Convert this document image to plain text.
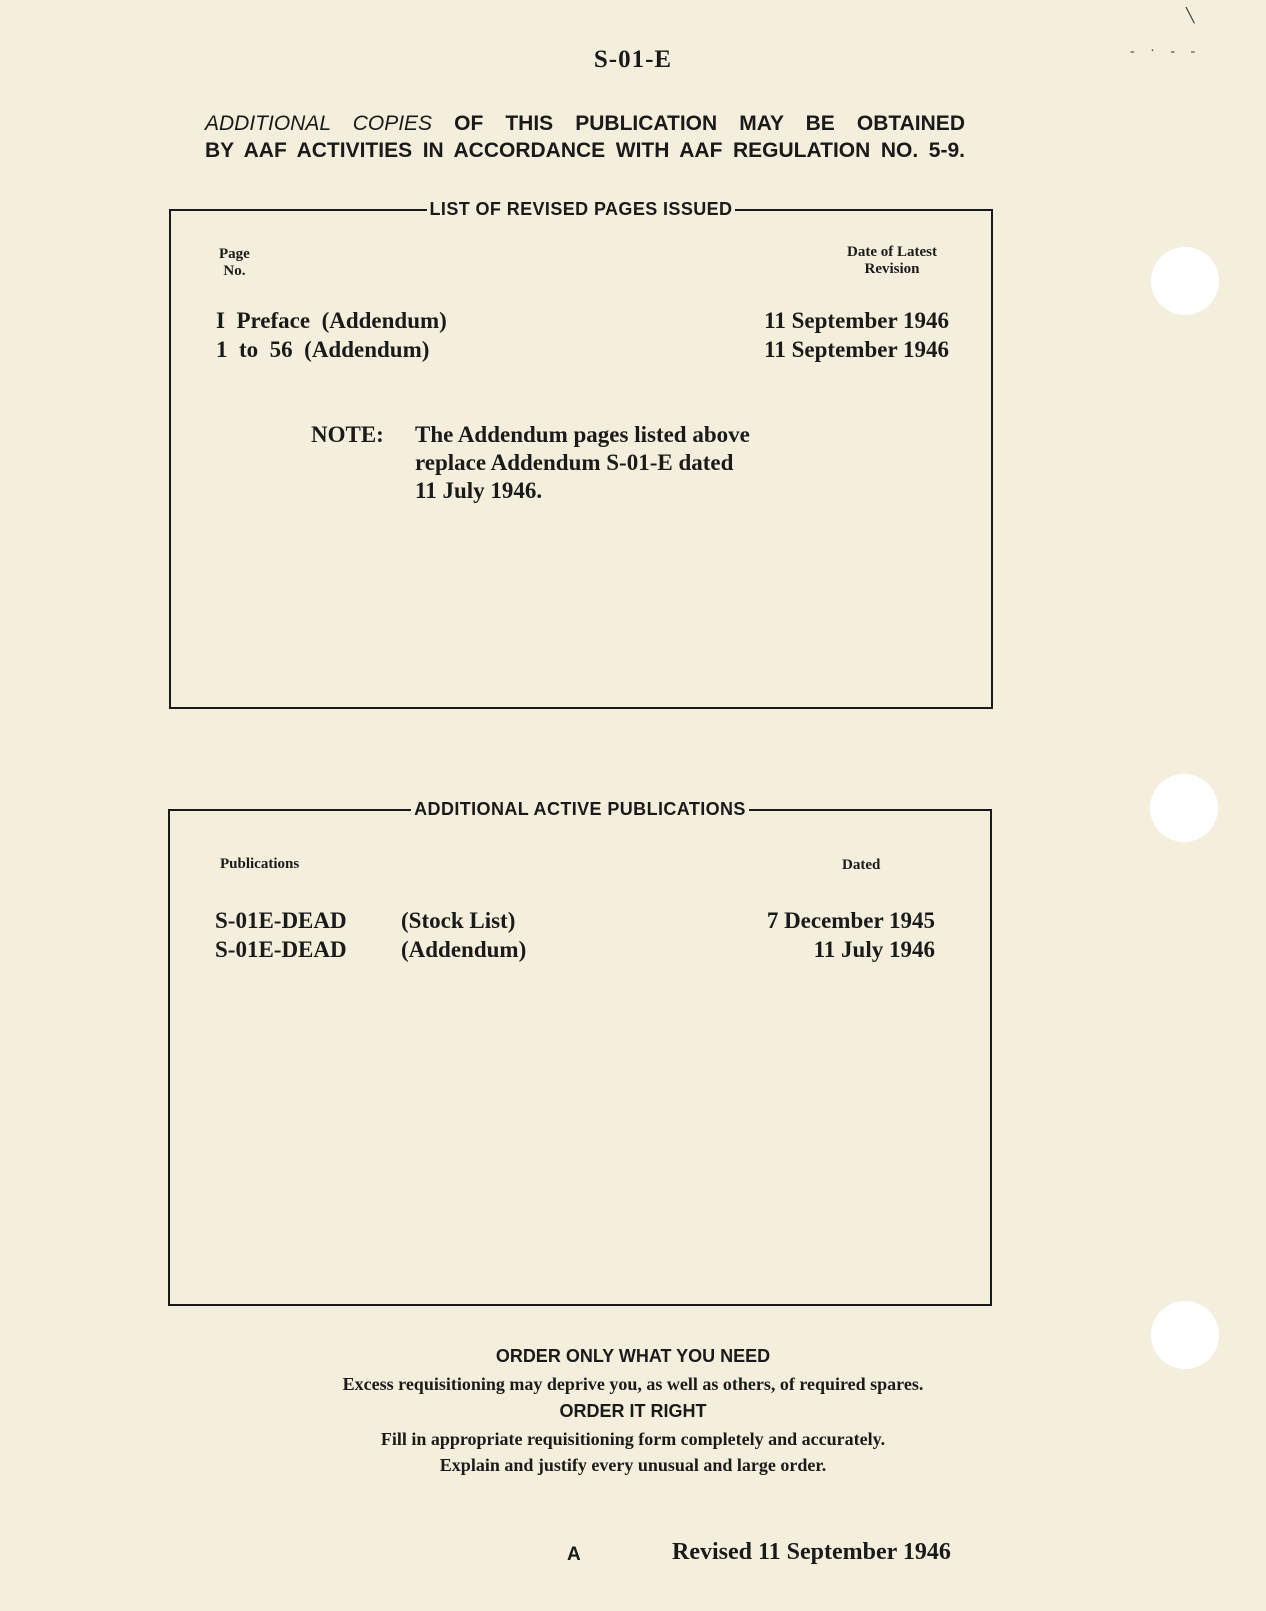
╲
‐ · ‐ ‐
S-01-E
ADDITIONAL COPIES OF THIS PUBLICATION MAY BE OBTAINED
BY AAF ACTIVITIES IN ACCORDANCE WITH AAF REGULATION NO. 5-9.
LIST OF REVISED PAGES ISSUED
Page
No.
Date of Latest
Revision
I  Preface  (Addendum)	11 September 1946
1  to  56  (Addendum)	11 September 1946
NOTE: The Addendum pages listed above
replace Addendum S-01-E dated
11 July 1946.
ADDITIONAL ACTIVE PUBLICATIONS
Publications	Dated
S-01E-DEAD (Stock List)	7 December 1945
S-01E-DEAD (Addendum)	11 July 1946
ORDER ONLY WHAT YOU NEED
Excess requisitioning may deprive you, as well as others, of required spares.
ORDER IT RIGHT
Fill in appropriate requisitioning form completely and accurately.
Explain and justify every unusual and large order.
A	Revised 11 September 1946
